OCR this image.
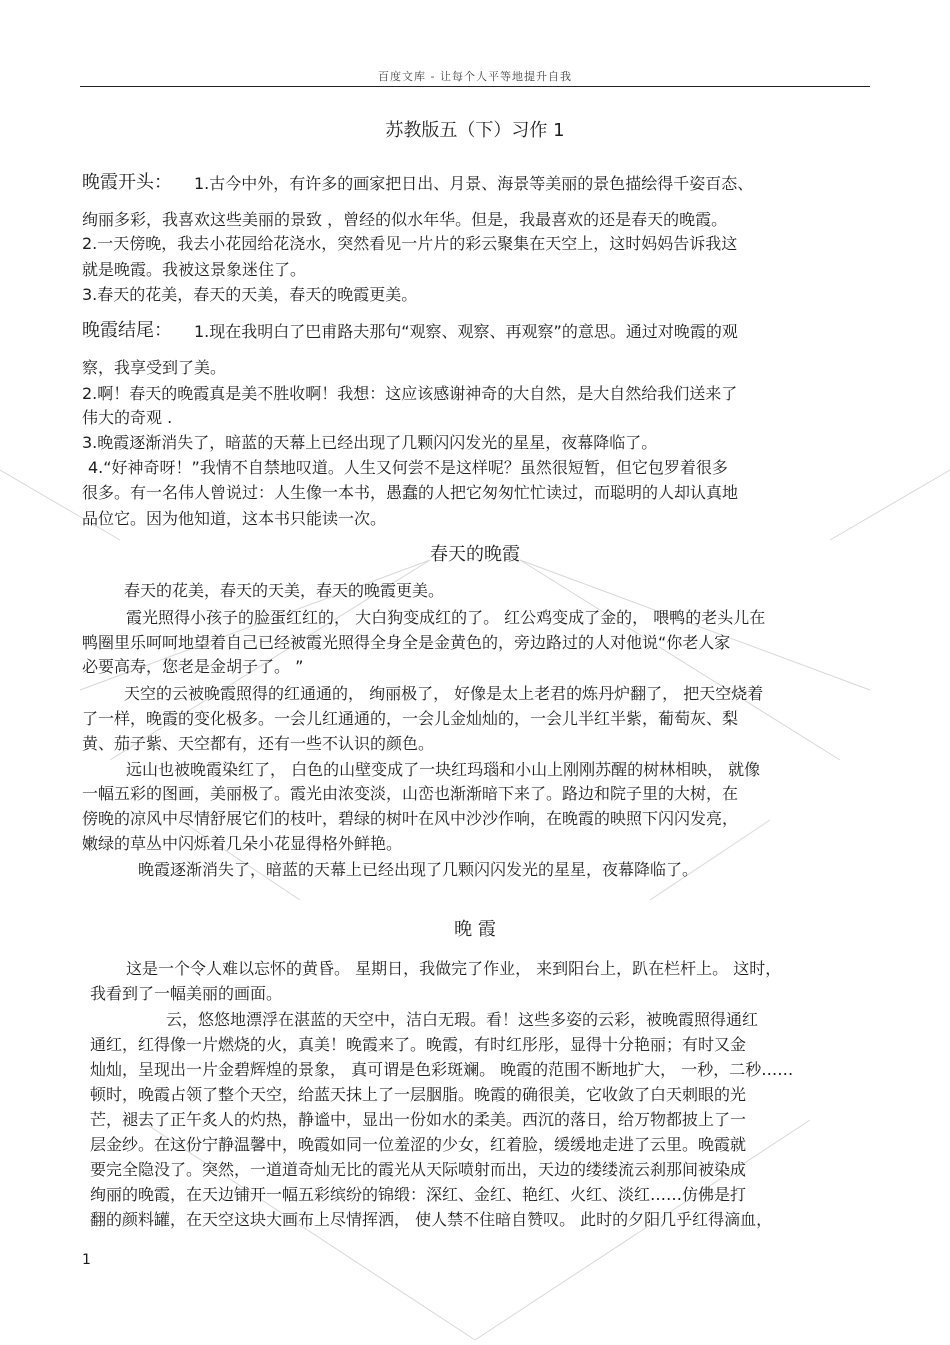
百度文库 - 让每个人平等地提升自我
苏教版五（下）习作 1
晚霞开头： 1.古今中外，有许多的画家把日出、月景、海景等美丽的景色描绘得千姿百态、
绚丽多彩，我喜欢这些美丽的景致 ，曾经的似水年华。但是，我最喜欢的还是春天的晚霞。
2.一天傍晚，我去小花园给花浇水，突然看见一片片的彩云聚集在天空上，这时妈妈告诉我这
就是晚霞。我被这景象迷住了。
3.春天的花美，春天的天美，春天的晚霞更美。
晚霞结尾： 1.现在我明白了巴甫路夫那句“观察、观察、再观察”的意思。通过对晚霞的观
察，我享受到了美。
2.啊！春天的晚霞真是美不胜收啊！我想：这应该感谢神奇的大自然，是大自然给我们送来了
伟大的奇观 .
3.晚霞逐渐消失了，暗蓝的天幕上已经出现了几颗闪闪发光的星星，夜幕降临了。
4.“好神奇呀！”我情不自禁地叹道。人生又何尝不是这样呢？虽然很短暂，但它包罗着很多
很多。有一名伟人曾说过：人生像一本书，愚蠢的人把它匆匆忙忙读过，而聪明的人却认真地
品位它。因为他知道，这本书只能读一次。
春天的晚霞
春天的花美，春天的天美，春天的晚霞更美。
霞光照得小孩子的脸蛋红红的， 大白狗变成红的了。 红公鸡变成了金的， 喂鸭的老头儿在
鸭圈里乐呵呵地望着自己已经被霞光照得全身全是金黄色的，旁边路过的人对他说“你老人家
必要高寿，您老是金胡子了。 ”
天空的云被晚霞照得的红通通的， 绚丽极了， 好像是太上老君的炼丹炉翻了， 把天空烧着
了一样，晚霞的变化极多。一会儿红通通的，一会儿金灿灿的，一会儿半红半紫，葡萄灰、梨
黄、茄子紫、天空都有，还有一些不认识的颜色。
远山也被晚霞染红了， 白色的山壁变成了一块红玛瑙和小山上刚刚苏醒的树林相映， 就像
一幅五彩的图画，美丽极了。霞光由浓变淡，山峦也渐渐暗下来了。路边和院子里的大树，在
傍晚的凉风中尽情舒展它们的枝叶，碧绿的树叶在风中沙沙作响，在晚霞的映照下闪闪发亮，
嫩绿的草丛中闪烁着几朵小花显得格外鲜艳。
晚霞逐渐消失了，暗蓝的天幕上已经出现了几颗闪闪发光的星星，夜幕降临了。
晚 霞
这是一个令人难以忘怀的黄昏。 星期日，我做完了作业， 来到阳台上，趴在栏杆上。 这时，
我看到了一幅美丽的画面。
云，悠悠地漂浮在湛蓝的天空中，洁白无瑕。看！这些多姿的云彩，被晚霞照得通红
通红，红得像一片燃烧的火，真美！晚霞来了。晚霞，有时红彤彤，显得十分艳丽；有时又金
灿灿，呈现出一片金碧辉煌的景象， 真可谓是色彩斑斓。 晚霞的范围不断地扩大， 一秒，二秒……
顿时，晚霞占领了整个天空，给蓝天抹上了一层胭脂。晚霞的确很美，它收敛了白天刺眼的光
芒，褪去了正午炙人的灼热，静谧中，显出一份如水的柔美。西沉的落日，给万物都披上了一
层金纱。在这份宁静温馨中，晚霞如同一位羞涩的少女，红着脸，缓缓地走进了云里。晚霞就
要完全隐没了。突然，一道道奇灿无比的霞光从天际喷射而出，天边的缕缕流云刹那间被染成
绚丽的晚霞，在天边铺开一幅五彩缤纷的锦缎：深红、金红、艳红、火红、淡红……仿佛是打
翻的颜料罐，在天空这块大画布上尽情挥洒， 使人禁不住暗自赞叹。 此时的夕阳几乎红得滴血，
1
